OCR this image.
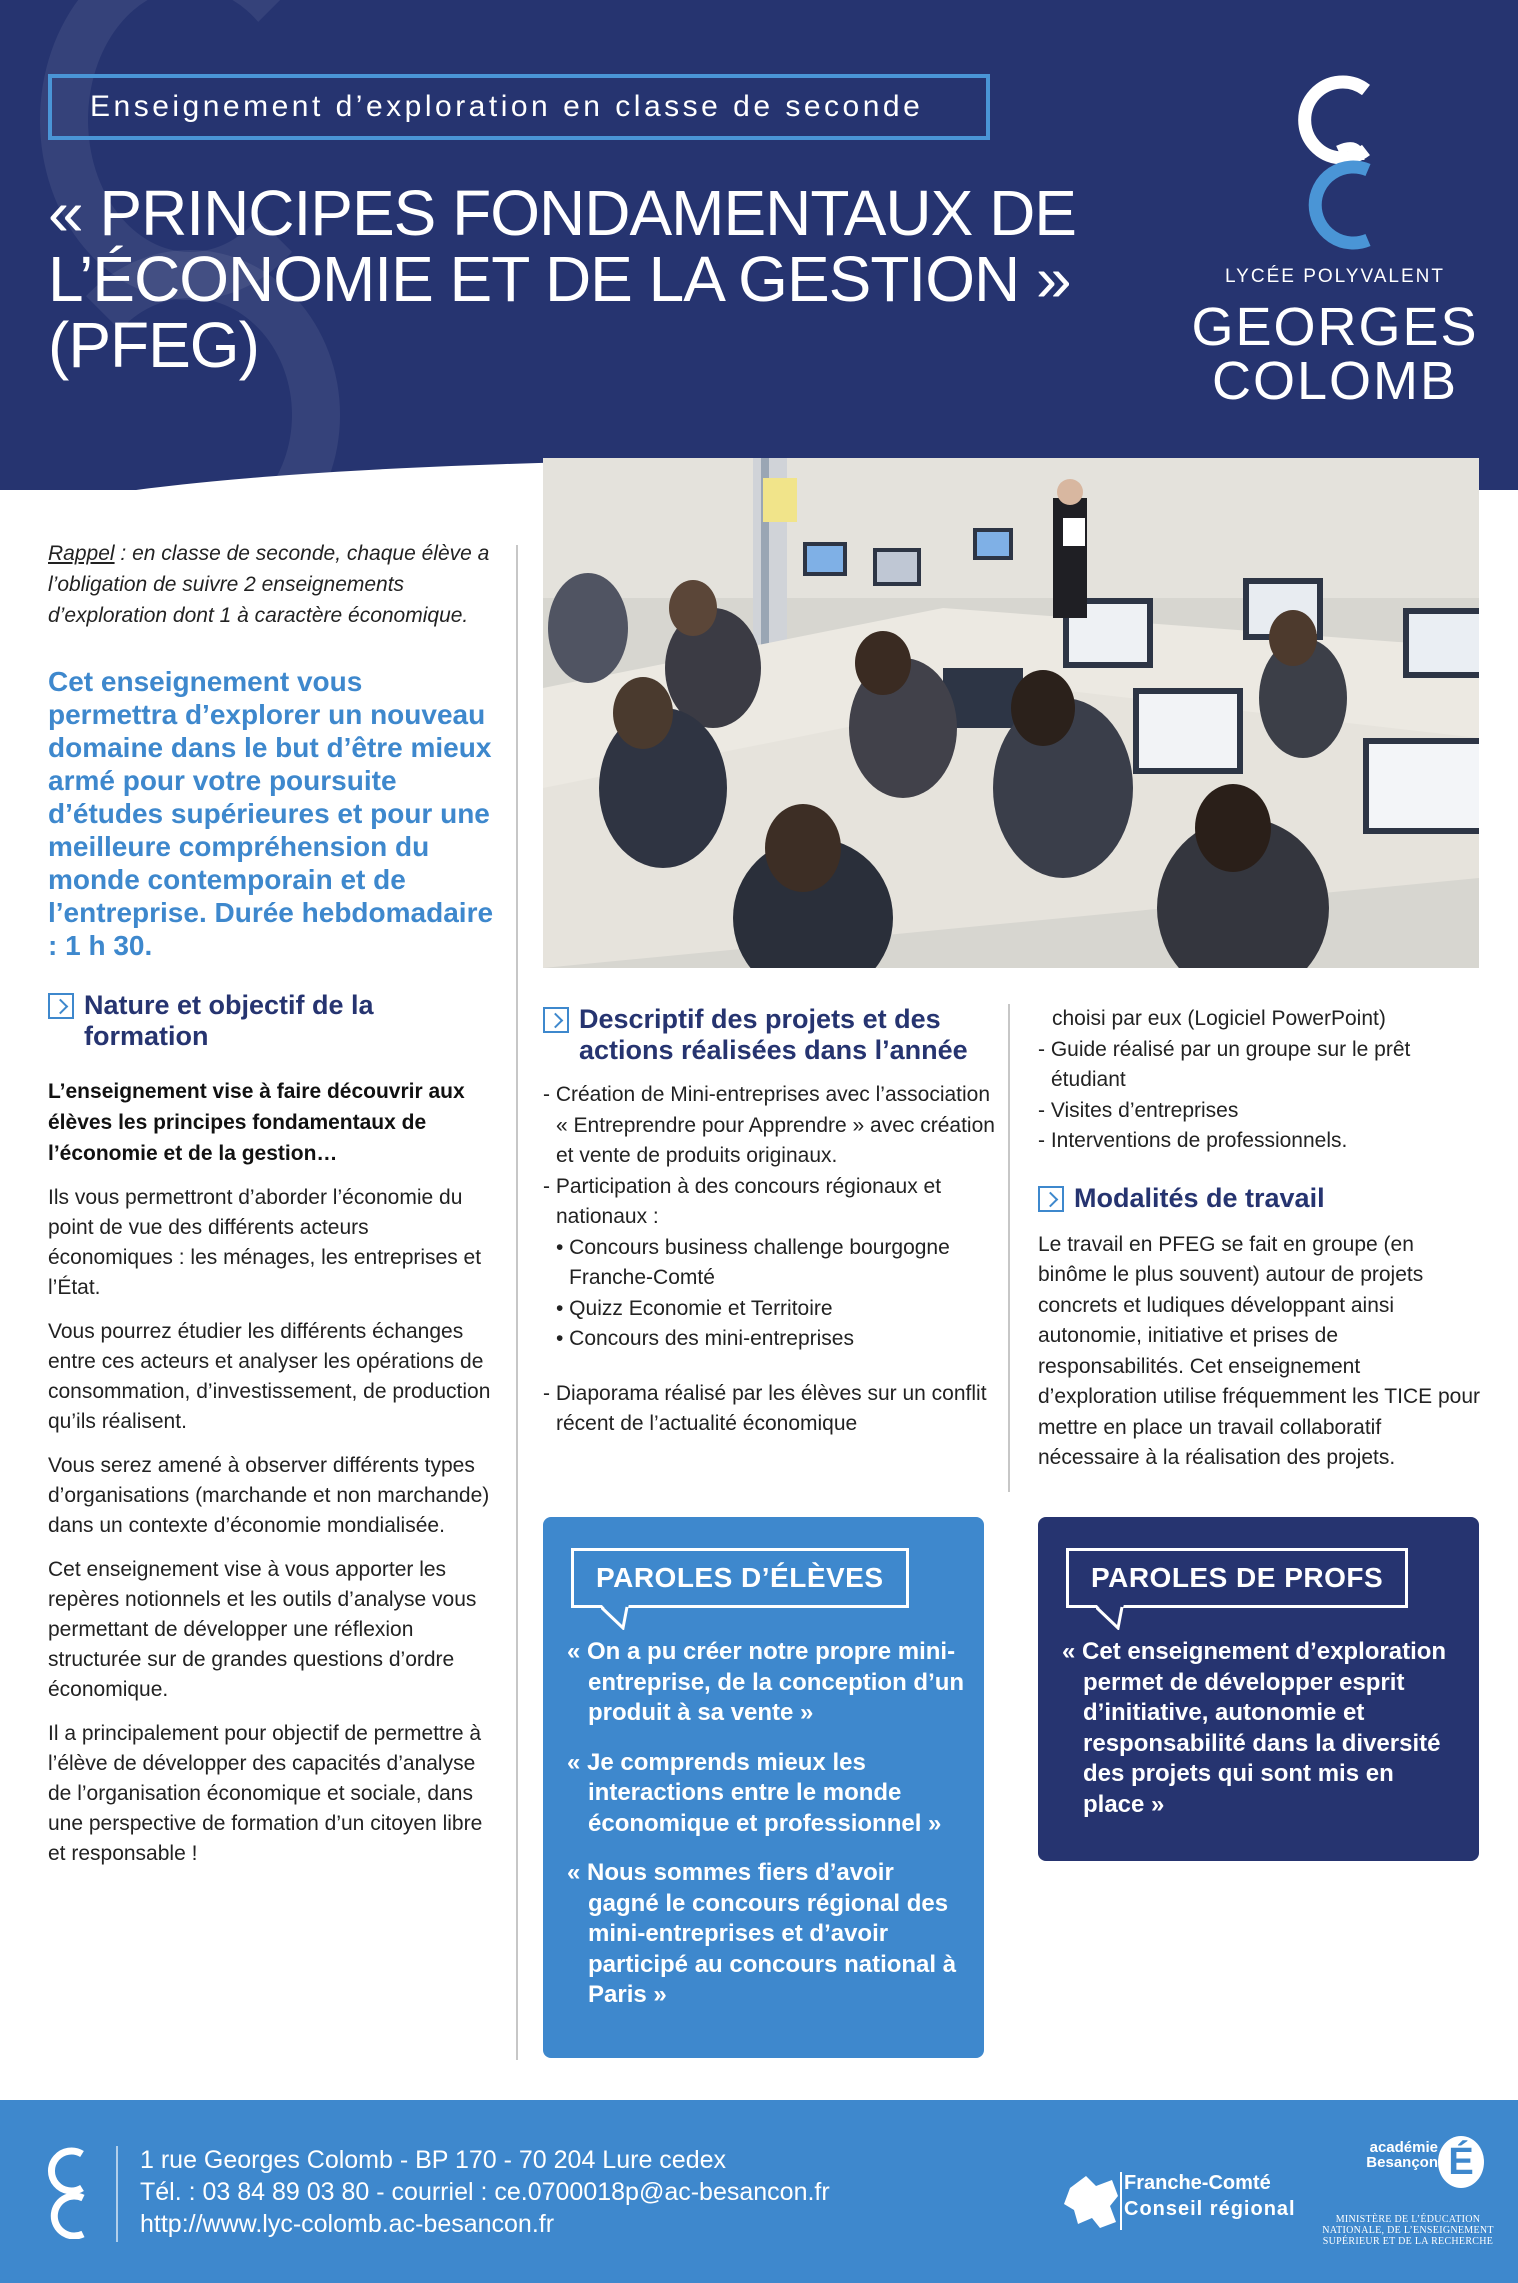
Enseignement d’exploration en classe de seconde
« PRINCIPES FONDAMENTAUX DE
L’ÉCONOMIE ET DE LA GESTION »
(PFEG)
LYCÉE POLYVALENT
GEORGES
COLOMB

Rappel : en classe de seconde, chaque élève a l’obligation de suivre 2 enseignements d’exploration dont 1 à caractère économique.

Cet enseignement vous permettra d’explorer un nouveau domaine dans le but d’être mieux armé pour votre poursuite d’études supérieures et pour une meilleure compréhension du monde contemporain et de l’entreprise. Durée hebdomadaire : 1 h 30.

Nature et objectif de la formation

L’enseignement vise à faire découvrir aux élèves les principes fondamentaux de l’économie et de la gestion…

Ils vous permettront d’aborder l’économie du point de vue des différents acteurs économiques : les ménages, les entreprises et l’État.

Vous pourrez étudier les différents échanges entre ces acteurs et analyser les opérations de consommation, d’investissement, de production qu’ils réalisent.

Vous serez amené à observer différents types d’organisations (marchande et non marchande) dans un contexte d’économie mondialisée.

Cet enseignement vise à vous apporter les repères notionnels et les outils d’analyse vous permettant de développer une réflexion structurée sur de grandes questions d’ordre économique.

Il a principalement pour objectif de permettre à l’élève de développer des capacités d’analyse de l’organisation économique et sociale, dans une perspective de formation d’un citoyen libre et responsable !

Descriptif des projets et des actions réalisées dans l’année
- Création de Mini-entreprises avec l’association « Entreprendre pour Apprendre » avec création et vente de produits originaux.
- Participation à des concours régionaux et nationaux :
• Concours business challenge bourgogne Franche-Comté
• Quizz Economie et Territoire
• Concours des mini-entreprises
- Diaporama réalisé par les élèves sur un conflit récent de l’actualité économique
choisi par eux (Logiciel PowerPoint)
- Guide réalisé par un groupe sur le prêt étudiant
- Visites d’entreprises
- Interventions de professionnels.
Modalités de travail

Le travail en PFEG se fait en groupe (en binôme le plus souvent) autour de projets concrets et ludiques développant ainsi autonomie, initiative et prises de responsabilités. Cet enseignement d’exploration utilise fréquemment les TICE pour mettre en place un travail collaboratif nécessaire à la réalisation des projets.

PAROLES D’ÉLÈVES

« On a pu créer notre propre mini-entreprise, de la conception d’un produit à sa vente »

« Je comprends mieux les interactions entre le monde économique et professionnel »

« Nous sommes fiers d’avoir gagné le concours régional des mini-entreprises et d’avoir participé au concours national à Paris »

PAROLES DE PROFS

« Cet enseignement d’exploration permet de développer esprit d’initiative, autonomie et responsabilité dans la diversité des projets qui sont mis en place »

1 rue Georges Colomb - BP 170 - 70 204 Lure cedex
Tél. : 03 84 89 03 80 - courriel : ce.0700018p@ac-besancon.fr
http://www.lyc-colomb.ac-besancon.fr
Franche-Comté
Conseil régional
académie Besançon É
MINISTÈRE DE L’ÉDUCATION NATIONALE, DE L’ENSEIGNEMENT SUPÉRIEUR ET DE LA RECHERCHE
